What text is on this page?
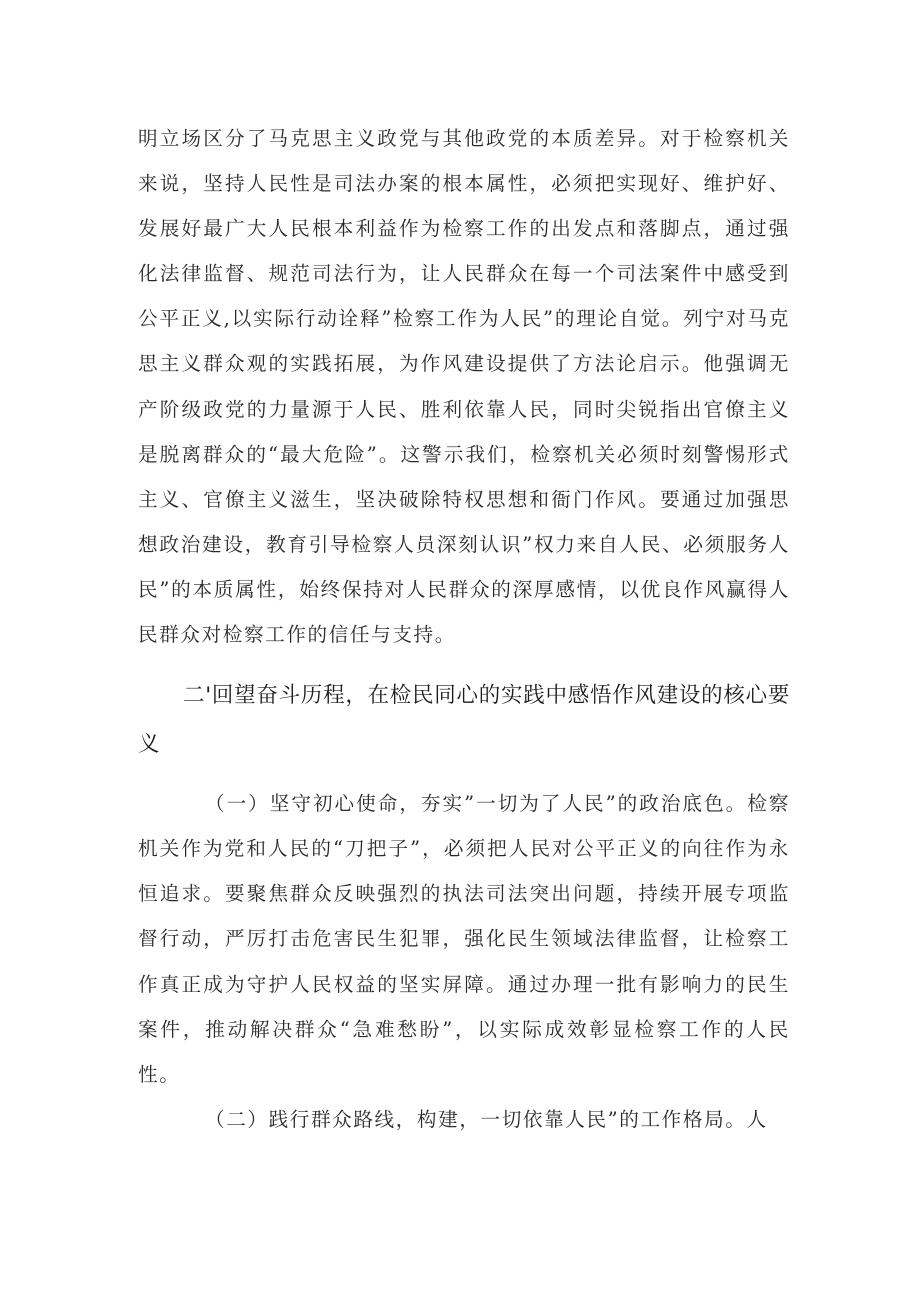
明立场区分了马克思主义政党与其他政党的本质差异。对于检察机关来说，坚持人民性是司法办案的根本属性，必须把实现好、维护好、发展好最广大人民根本利益作为检察工作的出发点和落脚点，通过强化法律监督、规范司法行为，让人民群众在每一个司法案件中感受到公平正义,以实际行动诠释”检察工作为人民”的理论自觉。列宁对马克思主义群众观的实践拓展，为作风建设提供了方法论启示。他强调无产阶级政党的力量源于人民、胜利依靠人民，同时尖锐指出官僚主义是脱离群众的“最大危险”。这警示我们，检察机关必须时刻警惕形式主义、官僚主义滋生，坚决破除特权思想和衙门作风。要通过加强思想政治建设，教育引导检察人员深刻认识”权力来自人民、必须服务人民”的本质属性，始终保持对人民群众的深厚感情，以优良作风赢得人民群众对检察工作的信任与支持。

二'回望奋斗历程，在检民同心的实践中感悟作风建设的核心要义

（一）坚守初心使命，夯实”一切为了人民”的政治底色。检察机关作为党和人民的“刀把子”，必须把人民对公平正义的向往作为永恒追求。要聚焦群众反映强烈的执法司法突出问题，持续开展专项监督行动，严厉打击危害民生犯罪，强化民生领域法律监督，让检察工作真正成为守护人民权益的坚实屏障。通过办理一批有影响力的民生案件，推动解决群众“急难愁盼”，以实际成效彰显检察工作的人民性。

（二）践行群众路线，构建，一切依靠人民”的工作格局。人
